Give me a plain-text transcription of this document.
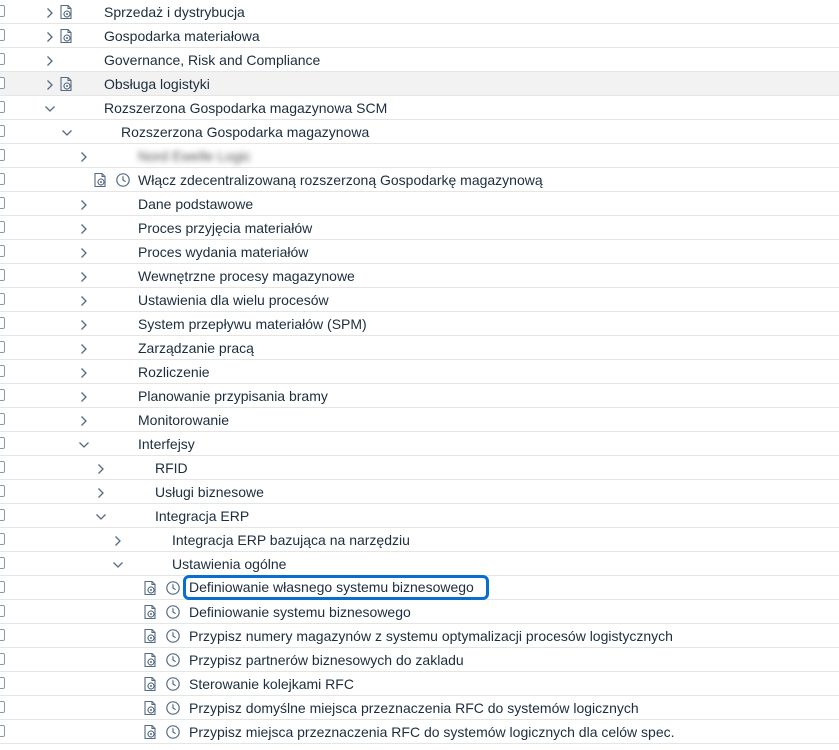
Sprzedaż i dystrybucja
Gospodarka materiałowa
Governance, Risk and Compliance
Obsługa logistyki
Rozszerzona Gospodarka magazynowa SCM
Rozszerzona Gospodarka magazynowa
Nord Ewelle Logic
Włącz zdecentralizowaną rozszerzoną Gospodarkę magazynową
Dane podstawowe
Proces przyjęcia materiałów
Proces wydania materiałów
Wewnętrzne procesy magazynowe
Ustawienia dla wielu procesów
System przepływu materiałów (SPM)
Zarządzanie pracą
Rozliczenie
Planowanie przypisania bramy
Monitorowanie
Interfejsy
RFID
Usługi biznesowe
Integracja ERP
Integracja ERP bazująca na narzędziu
Ustawienia ogólne
Definiowanie własnego systemu biznesowego
Definiowanie systemu biznesowego
Przypisz numery magazynów z systemu optymalizacji procesów logistycznych
Przypisz partnerów biznesowych do zakladu
Sterowanie kolejkami RFC
Przypisz domyślne miejsca przeznaczenia RFC do systemów logicznych
Przypisz miejsca przeznaczenia RFC do systemów logicznych dla celów spec.
